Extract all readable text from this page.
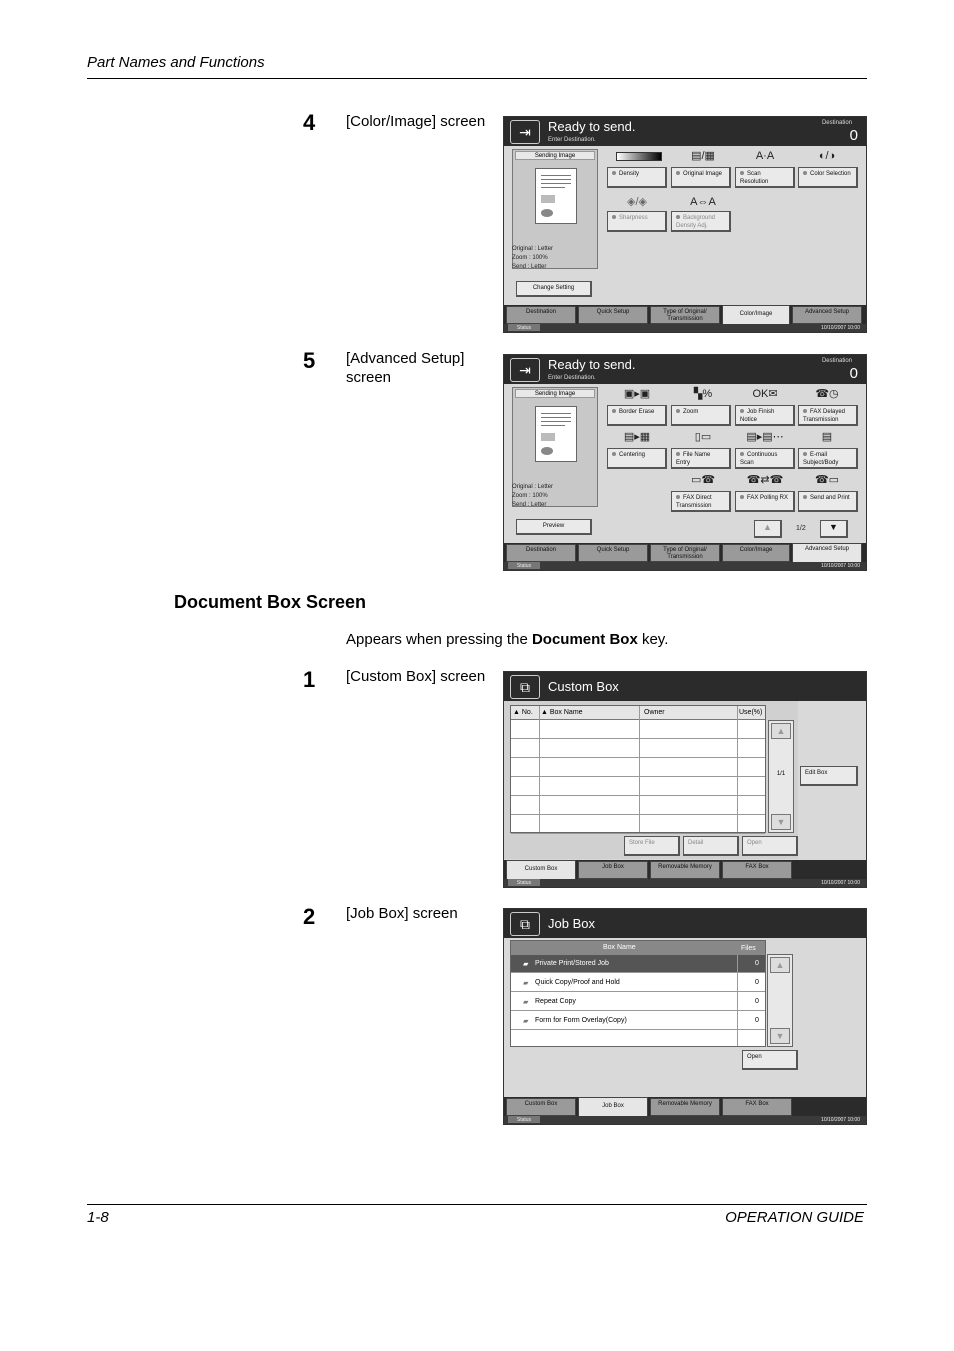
Part Names and Functions
4 [Color/Image] screen
⇥	Ready to send.
Enter Destination.
Destination
0
Sending Image
Original : Letter
Zoom : 100%
Send : Letter
Change Setting
▤/▦	A·A	◐/◑
Density	Original Image	Scan Resolution
Color Selection
◈/◈	A⇔A
Sharpness	Background Density Adj.
Destination	Quick Setup	Type of Original/ Transmission
Color/Image	Advanced Setup
Status	10/10/2007 10:00
5 [Advanced Setup] screen	⇥	Ready to send.
Enter Destination.
Destination
0
Sending Image
Original : Letter
Zoom : 100%
Send : Letter
Preview
▣▸▣	▚%	OK✉	☎◷
Border Erase	Zoom	Job Finish Notice
FAX Delayed Transmission
▤▸▦	▯▭	▤▸▤⋯	▤
Centering	File Name Entry
Continuous Scan
E-mail Subject/Body
▭☎	☎⇄☎	☎▭
FAX Direct Transmission
FAX Polling RX	Send and Print
▲	1/2	▼
Destination	Quick Setup	Type of Original/ Transmission
Color/Image	Advanced Setup
Status	10/10/2007 10:00
Document Box Screen
Appears when pressing the Document Box key.
1 [Custom Box] screen
⧉	Custom Box
▲ No. ▲ Box Name	Owner	Use(%)
▲
1/1
▼
Edit Box
Store File	Detail	Open
Custom Box	Job Box	Removable Memory	FAX Box
Status	10/10/2007 10:00
2 [Job Box] screen
⧉	Job Box
Box Name	Files
▰ Private Print/Stored Job	0
▰ Quick Copy/Proof and Hold	0
▰ Repeat Copy	0
▰ Form for Form Overlay(Copy)	0
▲
▼
Open
Custom Box	Job Box	Removable Memory	FAX Box
Status	10/10/2007 10:00
1-8	OPERATION GUIDE
